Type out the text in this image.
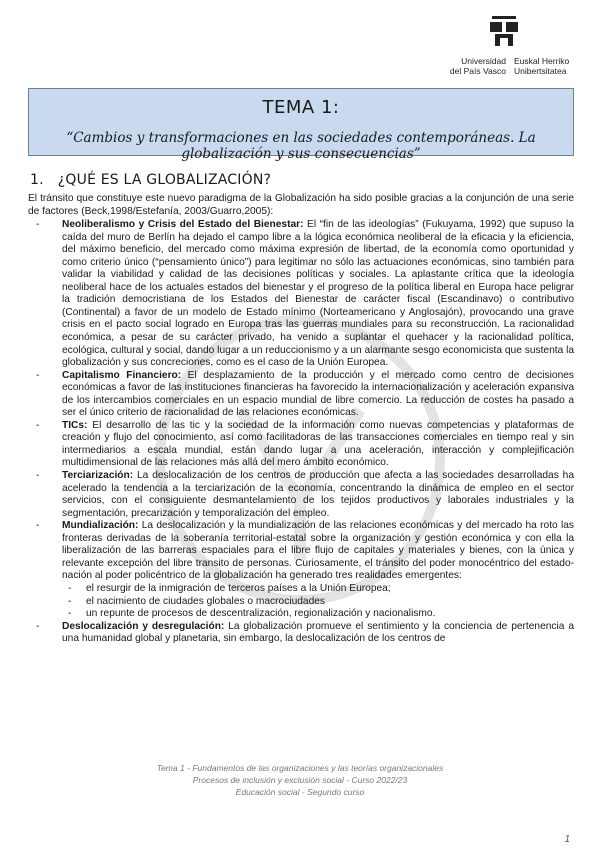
Universidad
del País Vasco
Euskal Herriko
Unibertsitatea
TEMA 1:
“Cambios y transformaciones en las sociedades contemporáneas. La globalización y sus consecuencias”
1. ¿QUÉ ES LA GLOBALIZACIÓN?

El tránsito que constituye este nuevo paradigma de la Globalización ha sido posible gracias a la conjunción de una serie de factores (Beck,1998/Estefanía, 2003/Guarro,2005):

- Neoliberalismo y Crisis del Estado del Bienestar: El “fin de las ideologías” (Fukuyama, 1992) que supuso la caída del muro de Berlín ha dejado el campo libre a la lógica económica neoliberal de la eficacia y la eficiencia, del máximo beneficio, del mercado como máxima expresión de libertad, de la economía como oportunidad y como criterio único (“pensamiento único”) para legitimar no sólo las actuaciones económicas, sino también para validar la viabilidad y calidad de las decisiones políticas y sociales. La aplastante crítica que la ideología neoliberal hace de los actuales estados del bienestar y el progreso de la política liberal en Europa hace peligrar la tradición democristiana de los Estados del Bienestar de carácter fiscal (Escandinavo) o contributivo (Continental) a favor de un modelo de Estado mínimo (Norteamericano y Anglosajón), provocando una grave crisis en el pacto social logrado en Europa tras las guerras mundiales para su reconstrucción. La racionalidad económica, a pesar de su carácter privado, ha venido a suplantar el quehacer y la racionalidad política, ecológica, cultural y social, dando lugar a un reduccionismo y a un alarmante sesgo economicista que sustenta la globalización y sus concreciones, como es el caso de la Unión Europea.
- Capitalismo Financiero: El desplazamiento de la producción y el mercado como centro de decisiones económicas a favor de las instituciones financieras ha favorecido la internacionalización y aceleración expansiva de los intercambios comerciales en un espacio mundial de libre comercio. La reducción de costes ha pasado a ser el único criterio de racionalidad de las relaciones económicas.
- TICs: El desarrollo de las tic y la sociedad de la información como nuevas competencias y plataformas de creación y flujo del conocimiento, así como facilitadoras de las transacciones comerciales en tiempo real y sin intermediarios a escala mundial, están dando lugar a una aceleración, interacción y complejificación multidimensional de las relaciones más allá del mero ámbito económico.
- Terciarización: La deslocalización de los centros de producción que afecta a las sociedades desarrolladas ha acelerado la tendencia a la terciarización de la economía, concentrando la dinámica de empleo en el sector servicios, con el consiguiente desmantelamiento de los tejidos productivos y laborales industriales y la segmentación, precarización y temporalización del empleo.
- Mundialización: La deslocalización y la mundialización de las relaciones económicas y del mercado ha roto las fronteras derivadas de la soberanía territorial-estatal sobre la organización y gestión económica y con ella la liberalización de las barreras espaciales para el libre flujo de capitales y materiales y bienes, con la única y relevante excepción del libre transito de personas. Curiosamente, el tránsito del poder monocéntrico del estado-nación al poder policéntrico de la globalización ha generado tres realidades emergentes:
- el resurgir de la inmigración de terceros países a la Unión Europea;
- el nacimiento de ciudades globales o macrociudades
- un repunte de procesos de descentralización, regionalización y nacionalismo.
- Deslocalización y desregulación: La globalización promueve el sentimiento y la conciencia de pertenencia a una humanidad global y planetaria, sin embargo, la deslocalización de los centros de
Tema 1 - Fundamentos de las organizaciones y las teorías organizacionales
Procesos de inclusión y exclusión social - Curso 2022/23
Educación social - Segundo curso
1
